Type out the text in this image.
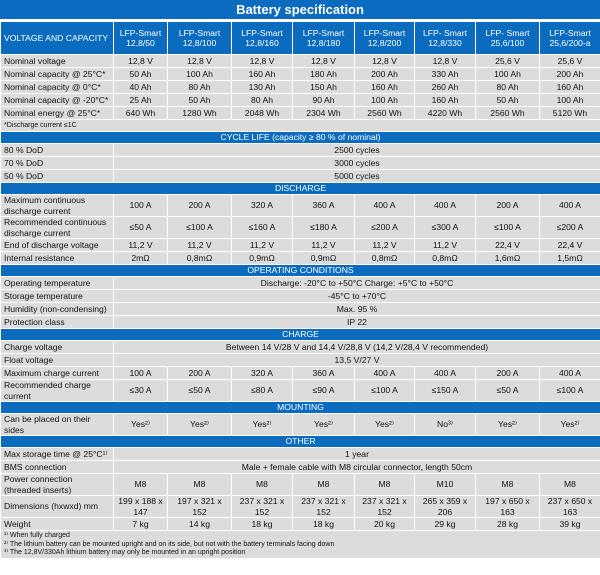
Battery specification
VOLTAGE AND CAPACITY	LFP-Smart 12,8/50	LFP-Smart 12,8/100	LFP-Smart 12,8/160	LFP-Smart 12,8/180	LFP-Smart 12,8/200	LFP- Smart 12,8/330	LFP- Smart 25,6/100	LFP-Smart 25,6/200-a
Nominal voltage	12,8 V	12,8 V	12,8 V	12,8 V	12,8 V	12,8 V	25,6 V	25,6 V
Nominal capacity @ 25°C*	50 Ah	100 Ah	160 Ah	180 Ah	200 Ah	330 Ah	100 Ah	200 Ah
Nominal capacity @ 0°C*	40 Ah	80 Ah	130 Ah	150 Ah	160 Ah	260 Ah	80 Ah	160 Ah
Nominal capacity @ -20°C*	25 Ah	50 Ah	80 Ah	90 Ah	100 Ah	160 Ah	50 Ah	100 Ah
Nominal energy @ 25°C*	640 Wh	1280 Wh	2048 Wh	2304 Wh	2560 Wh	4220 Wh	2560 Wh	5120 Wh
*Discharge current ≤1C								
CYCLE LIFE (capacity ≥ 80 % of nominal)								
80 % DoD	2500 cycles							
70 % DoD	3000 cycles							
50 % DoD	5000 cycles							
DISCHARGE								
Maximum continuous discharge current	100 A	200 A	320 A	360 A	400 A	400 A	200 A	400 A
Recommended continuous discharge current	≤50 A	≤100 A	≤160 A	≤180 A	≤200 A	≤300 A	≤100 A	≤200 A
End of discharge voltage	11,2 V	11,2 V	11,2 V	11,2 V	11,2 V	11,2 V	22,4 V	22,4 V
Internal resistance	2mΩ	0,8mΩ	0,9mΩ	0,9mΩ	0,8mΩ	0,8mΩ	1,6mΩ	1,5mΩ
OPERATING CONDITIONS								
Operating temperature	Discharge: -20°C to +50°C Charge: +5°C to +50°C							
Storage temperature	-45°C to +70°C							
Humidity (non-condensing)	Max. 95 %							
Protection class	IP 22							
CHARGE								
Charge voltage	Between 14 V/28 V and 14,4 V/28,8 V (14,2 V/28,4 V recommended)							
Float voltage	13,5 V/27 V							
Maximum charge current	100 A	200 A	320 A	360 A	400 A	400 A	200 A	400 A
Recommended charge current	≤30 A	≤50 A	≤80 A	≤90 A	≤100 A	≤150 A	≤50 A	≤100 A
MOUNTING								
Can be placed on their sides	Yes²⁾	Yes²⁾	Yes²⁾	Yes²⁾	Yes²⁾	No³⁾	Yes²⁾	Yes²⁾
OTHER								
Max storage time @ 25°C¹⁾	1 year							
BMS connection	Male + female cable with M8 circular connector, length 50cm							
Power connection (threaded inserts)	M8	M8	M8	M8	M8	M10	M8	M8
Dimensions (hxwxd) mm	199 x 188 x 147	197 x 321 x 152	237 x 321 x 152	237 x 321 x 152	237 x 321 x 152	265 x 359 x 206	197 x 650 x 163	237 x 650 x 163
Weight	7 kg	14 kg	18 kg	18 kg	20 kg	29 kg	28 kg	39 kg

¹⁾ When fully charged
²⁾ The lithium battery can be mounted upright and on its side, but not with the battery terminals facing down
³⁾ The 12,8V/330Ah lithium battery may only be mounted in an upright position								
